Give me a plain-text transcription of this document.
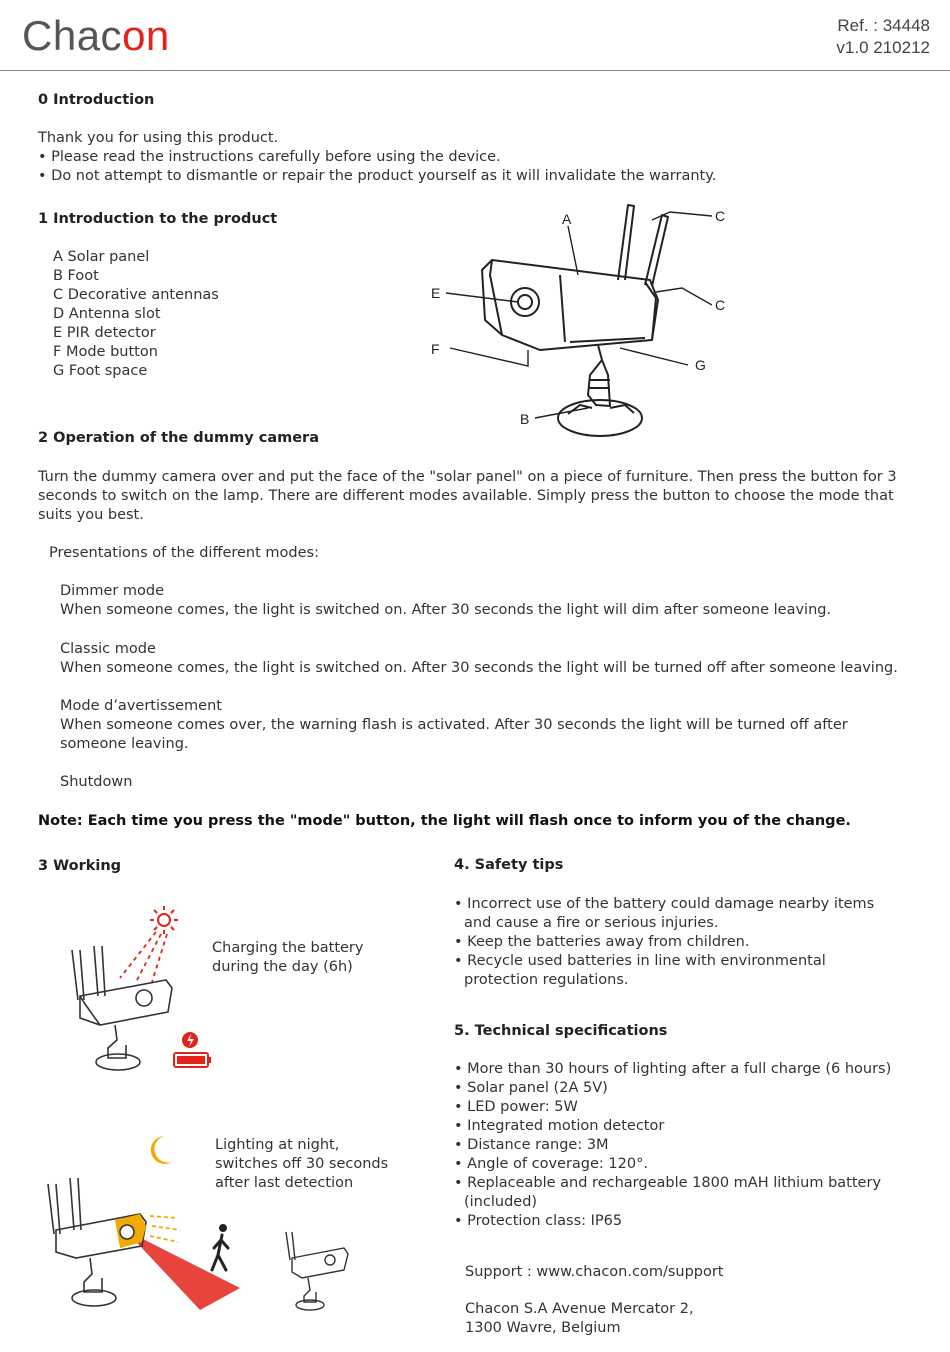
Chacon	Ref. : 34448
v1.0 210212
0 Introduction
Thank you for using this product.
• Please read the instructions carefully before using the device.
• Do not attempt to dismantle or repair the product yourself as it will invalidate the warranty.
1 Introduction to the product
A Solar panel
B Foot
C Decorative antennas
D Antenna slot
E PIR detector
F Mode button
G Foot space
A	C
C
E
F
G
B
2 Operation of the dummy camera
Turn the dummy camera over and put the face of the "solar panel" on a piece of furniture. Then press the button for 3 seconds to switch on the lamp. There are different modes available. Simply press the button to choose the mode that suits you best.
Presentations of the different modes:
Dimmer mode
When someone comes, the light is switched on. After 30 seconds the light will dim after someone leaving.
Classic mode
When someone comes, the light is switched on. After 30 seconds the light will be turned off after someone leaving.
Mode d’avertissement
When someone comes over, the warning flash is activated. After 30 seconds the light will be turned off after someone leaving.
Shutdown
Note: Each time you press the "mode" button, the light will flash once to inform you of the change.
3 Working
Charging the battery
during the day (6h)
Lighting at night,
switches off 30 seconds
after last detection
4. Safety tips
• Incorrect use of the battery could damage nearby items and cause a fire or serious injuries.
• Keep the batteries away from children.
• Recycle used batteries in line with environmental protection regulations.
5. Technical specifications
• More than 30 hours of lighting after a full charge (6 hours)
• Solar panel (2A 5V)
• LED power: 5W
• Integrated motion detector
• Distance range: 3M
• Angle of coverage: 120°.
• Replaceable and rechargeable 1800 mAH lithium battery (included)
• Protection class: IP65
Support : www.chacon.com/support
Chacon S.A Avenue Mercator 2,
1300 Wavre, Belgium
